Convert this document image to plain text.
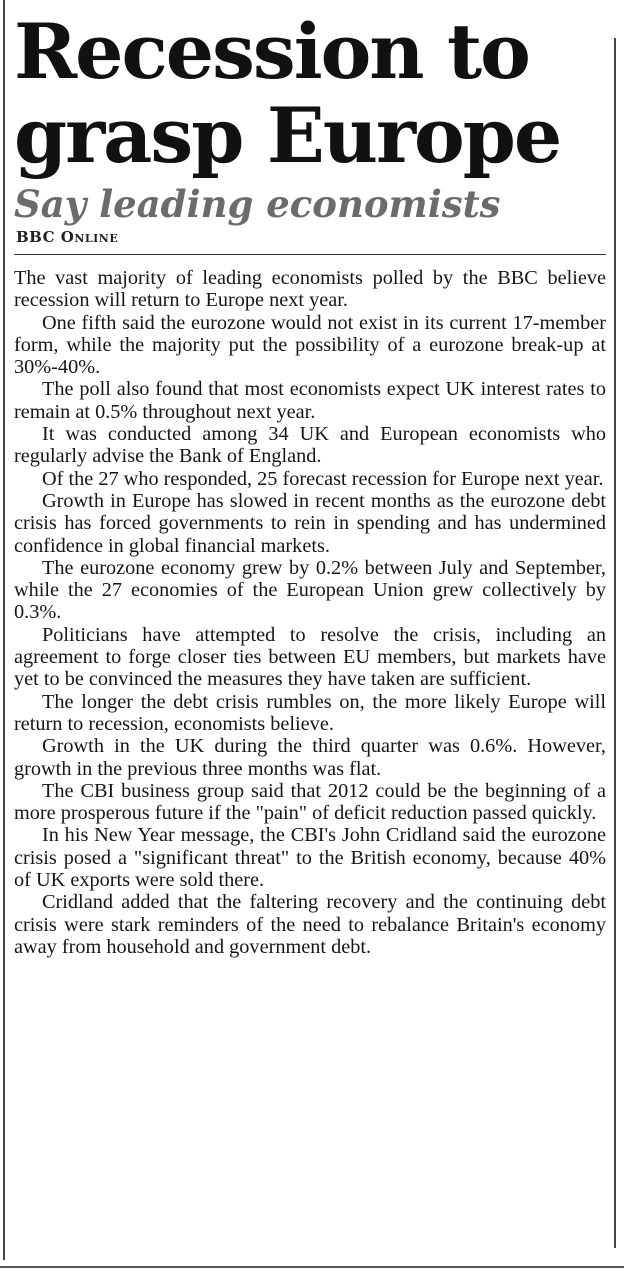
Recession to grasp Europe
Say leading economists
BBC Online

The vast majority of leading economists polled by the BBC believe recession will return to Europe next year.

One fifth said the eurozone would not exist in its current 17-member form, while the majority put the possibility of a eurozone break-up at 30%-40%.

The poll also found that most economists expect UK interest rates to remain at 0.5% throughout next year.

It was conducted among 34 UK and European economists who regularly advise the Bank of England.

Of the 27 who responded, 25 forecast recession for Europe next year.

Growth in Europe has slowed in recent months as the eurozone debt crisis has forced governments to rein in spending and has undermined confidence in global financial markets.

The eurozone economy grew by 0.2% between July and September, while the 27 economies of the European Union grew collectively by 0.3%.

Politicians have attempted to resolve the crisis, including an agreement to forge closer ties between EU members, but markets have yet to be convinced the measures they have taken are sufficient.

The longer the debt crisis rumbles on, the more likely Europe will return to recession, economists believe.

Growth in the UK during the third quarter was 0.6%. However, growth in the previous three months was flat.

The CBI business group said that 2012 could be the beginning of a more prosperous future if the "pain" of deficit reduction passed quickly.

In his New Year message, the CBI's John Cridland said the eurozone crisis posed a "significant threat" to the British economy, because 40% of UK exports were sold there.

Cridland added that the faltering recovery and the continuing debt crisis were stark reminders of the need to rebalance Britain's economy away from household and government debt.
